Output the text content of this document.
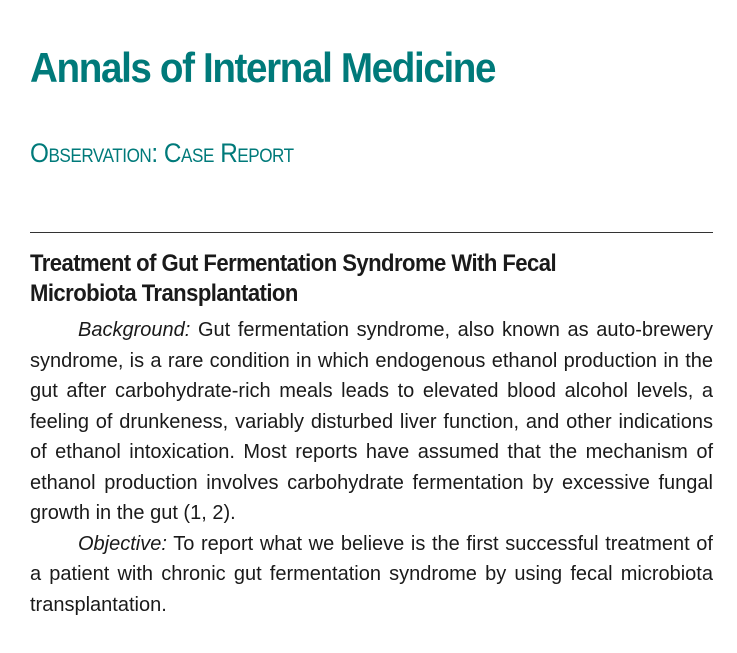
Annals of Internal Medicine
Observation: Case Report
Treatment of Gut Fermentation Syndrome With Fecal
Microbiota Transplantation

Background: Gut fermentation syndrome, also known as auto-brewery syndrome, is a rare condition in which endogenous ethanol production in the gut after carbohydrate-rich meals leads to elevated blood alcohol levels, a feeling of drunkeness, variably disturbed liver function, and other indications of ethanol intoxication. Most reports have assumed that the mechanism of ethanol production involves carbohydrate fermentation by excessive fungal growth in the gut (1, 2).

Objective: To report what we believe is the first successful treatment of a patient with chronic gut fermentation syndrome by using fecal microbiota transplantation.
